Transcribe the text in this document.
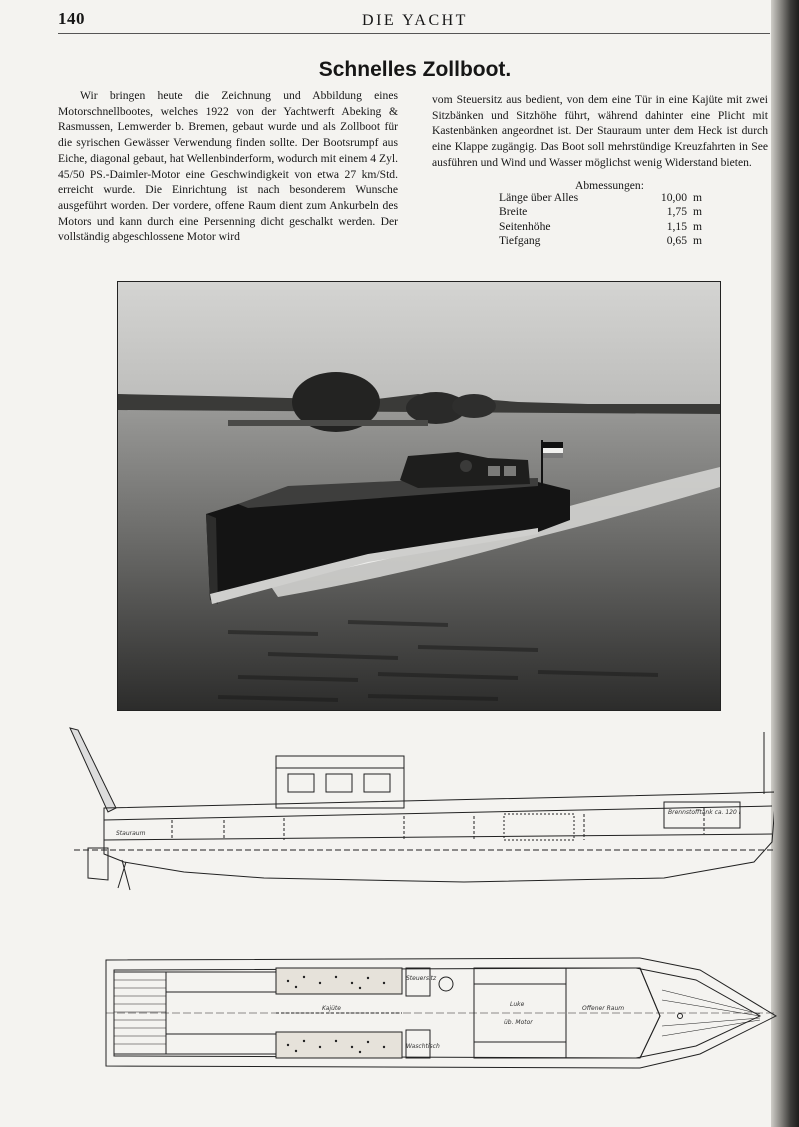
140	DIE YACHT
Schnelles Zollboot.
Wir bringen heute die Zeichnung und Abbildung eines Motorschnellbootes, welches 1922 von der Yachtwerft Abeking & Rasmussen, Lemwerder b. Bremen, gebaut wurde und als Zollboot für die syrischen Gewässer Verwendung finden sollte. Der Bootsrumpf aus Eiche, diagonal gebaut, hat Wellenbinderform, wodurch mit einem 4 Zyl. 45/50 PS.-Daimler-Motor eine Geschwindigkeit von etwa 27 km/Std. erreicht wurde. Die Einrichtung ist nach besonderem Wunsche ausgeführt worden. Der vordere, offene Raum dient zum Ankurbeln des Motors und kann durch eine Persenning dicht geschalkt werden. Der vollständig abgeschlossene Motor wird
vom Steuersitz aus bedient, von dem eine Tür in eine Kajüte mit zwei Sitzbänken und Sitzhöhe führt, während dahinter eine Plicht mit Kastenbänken angeordnet ist. Der Stauraum unter dem Heck ist durch eine Klappe zugängig. Das Boot soll mehrstündige Kreuzfahrten in See ausführen und Wind und Wasser möglichst wenig Widerstand bieten.
Abmessungen:
Länge über Alles	10,00	m
Breite	1,75	m
Seitenhöhe	1,15	m
Tiefgang	0,65	m
Stauraum
Brennstofftank ca. 120 l
Kajüte
Steuersitz
Luke
üb. Motor
Offener Raum
Waschtisch
